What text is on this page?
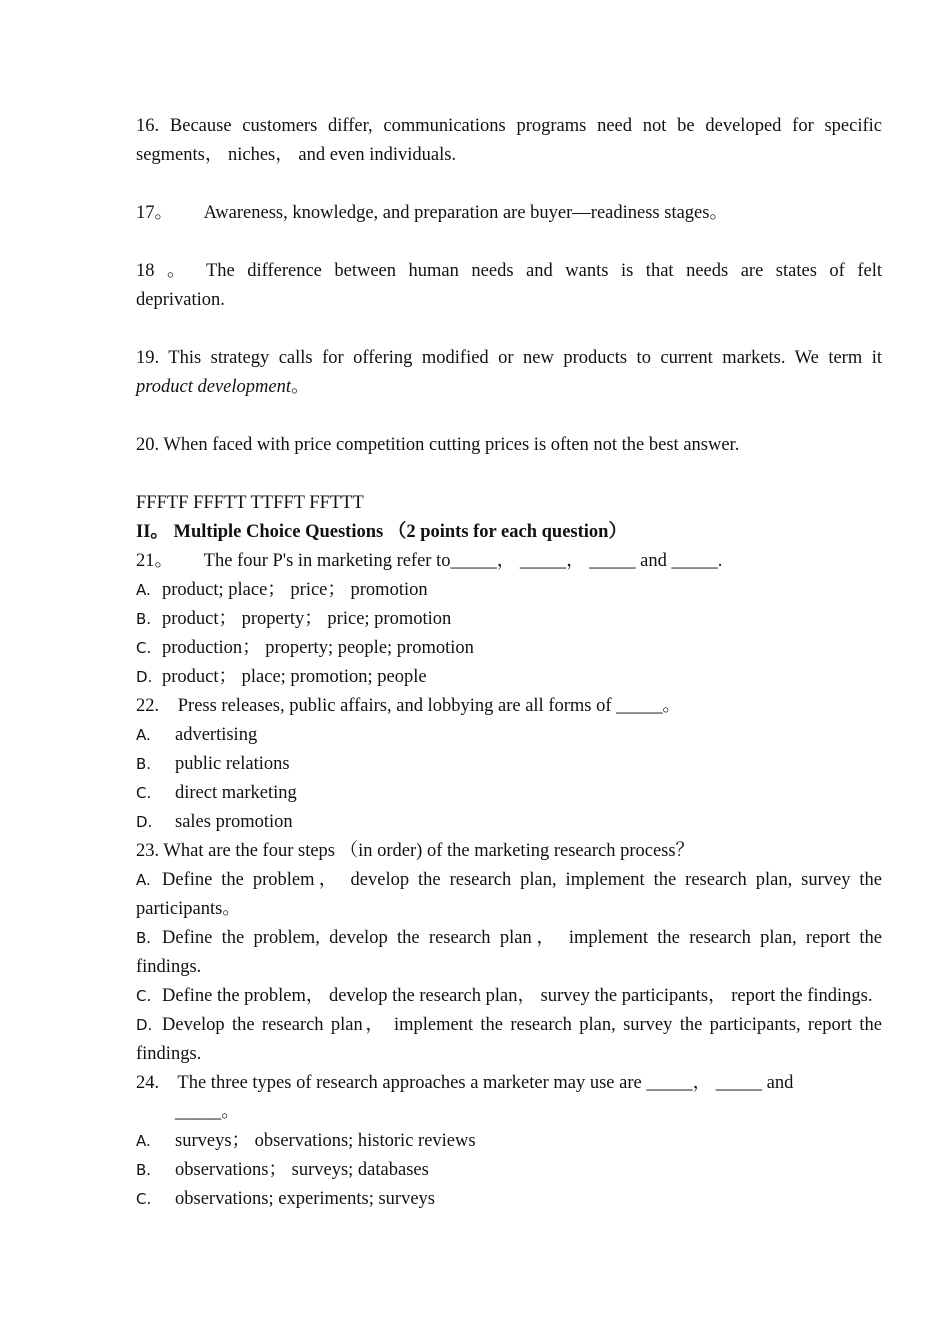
16. Because customers differ, communications programs need not be developed for specific segments， niches， and even individuals.

17。 Awareness, knowledge, and preparation are buyer—readiness stages。

18 。 The difference between human needs and wants is that needs are states of felt
deprivation.
19. This strategy calls for offering modified or new products to current markets. We term it
product development。

20. When faced with price competition cutting prices is often not the best answer.

FFFTF FFFTT TTFFT FFTTT

II。 Multiple Choice Questions （2 points for each question）

21。 The four P's in marketing refer to_____， _____， _____ and _____.

A. product; place； price； promotion
B. product； property； price; promotion
C. production； property; people; promotion
D. product； place; promotion; people

22. Press releases, public affairs, and lobbying are all forms of _____。

A.	advertising
B.	public relations
C.	direct marketing
D.	sales promotion

23. What are the four steps （in order) of the marketing research process？

A. Define the problem， develop the research plan, implement the research plan, survey the participants。

B. Define the problem, develop the research plan， implement the research plan, report the findings.

C. Define the problem， develop the research plan， survey the participants， report the findings.

D. Develop the research plan， implement the research plan, survey the participants, report the findings.

24. The three types of research approaches a marketer may use are _____， _____ and

_____。

A.	surveys； observations; historic reviews
B.	observations； surveys; databases
C.	observations; experiments; surveys
